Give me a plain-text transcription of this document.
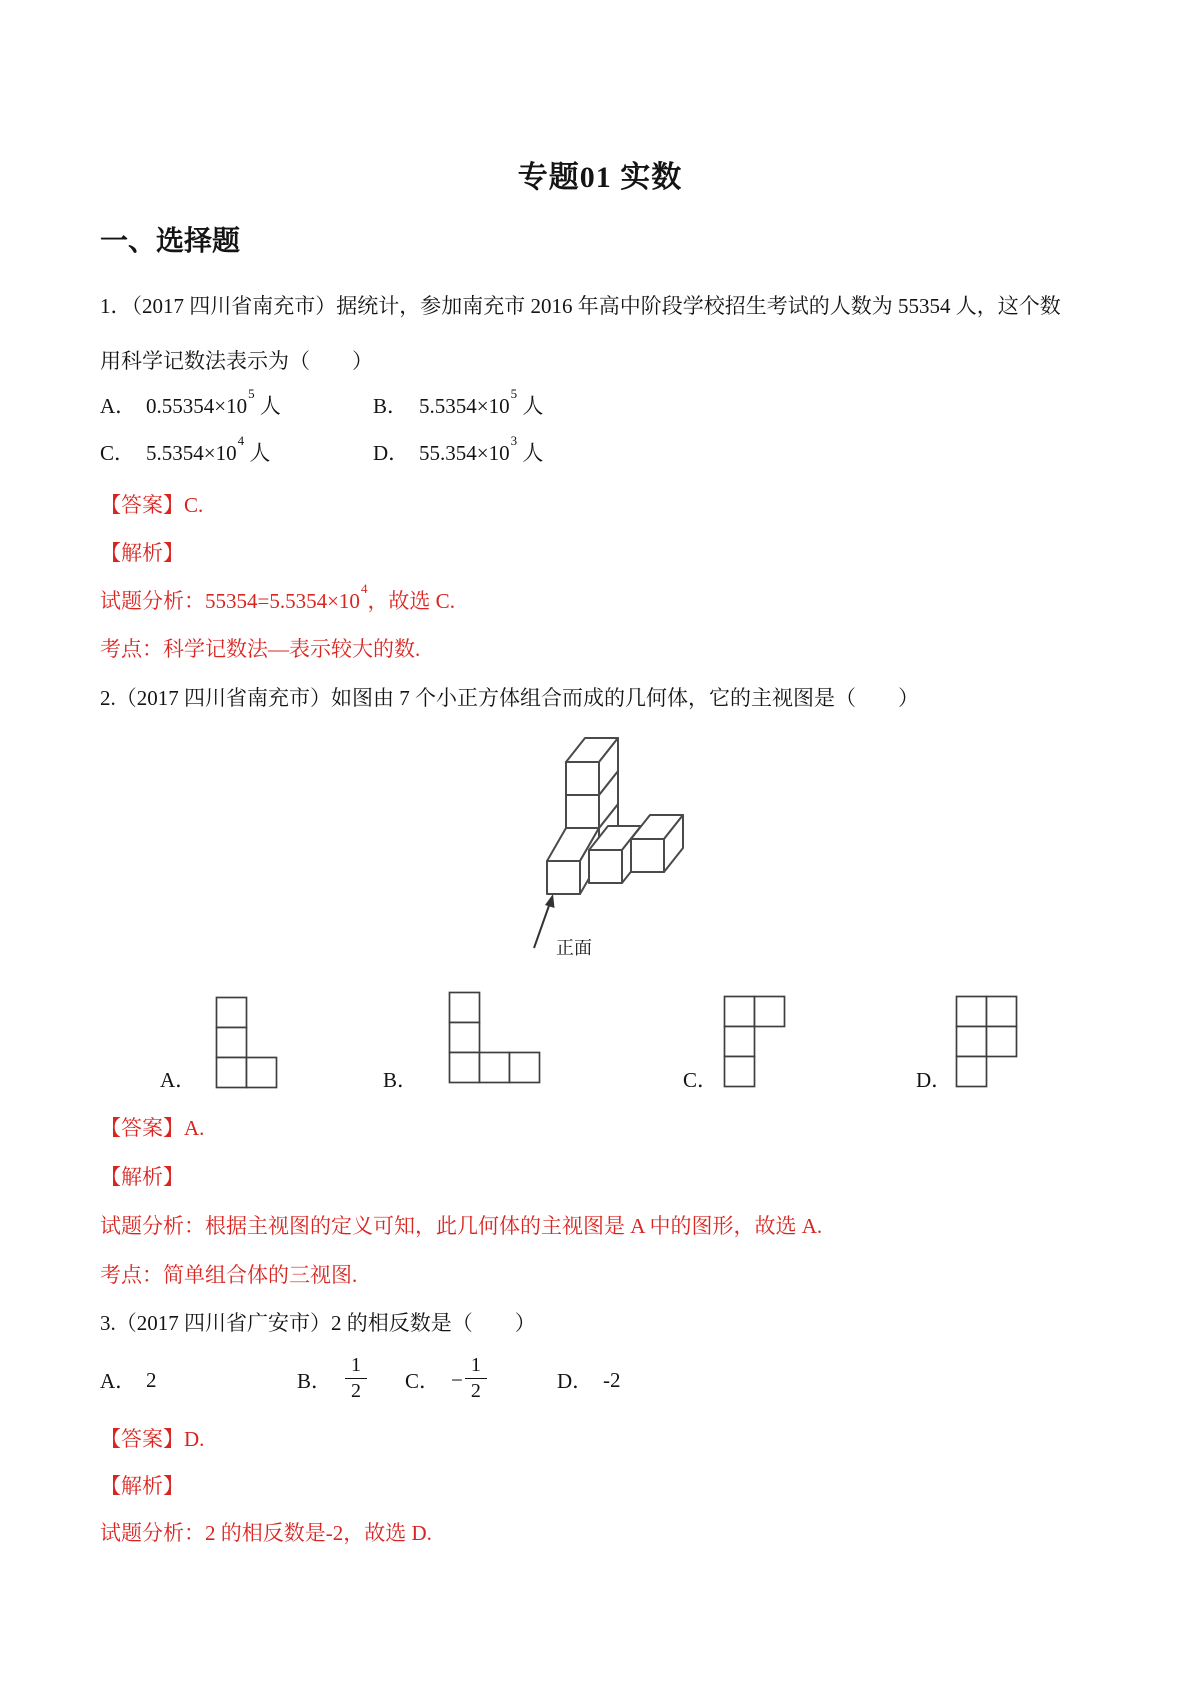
专题01 实数
一、选择题
1．（2017 四川省南充市）据统计，参加南充市 2016 年高中阶段学校招生考试的人数为 55354 人，这个数
用科学记数法表示为（　　）
A． $0.55354\times 10^5$ 人	B． $5.5354\times 10^5$ 人
C． $5.5354\times 10^4$ 人	D． $55.354\times 10^3$ 人
【答案】C.
【解析】
试题分析：$55354=5.5354\times 10^4$，故选 C.
考点：科学记数法—表示较大的数.
2.（2017 四川省南充市）如图由 7 个小正方体组合而成的几何体，它的主视图是（　　）
正面
A．	B．	C．	D．
【答案】A.
【解析】
试题分析：根据主视图的定义可知，此几何体的主视图是 A 中的图形，故选 A.
考点：简单组合体的三视图.
3.（2017 四川省广安市）2 的相反数是（　　）
A． 2	B． $\frac{1}{2}$ C． − $\frac{1}{2}$	D． -2
【答案】D.
【解析】
试题分析：2 的相反数是-2，故选 D.
